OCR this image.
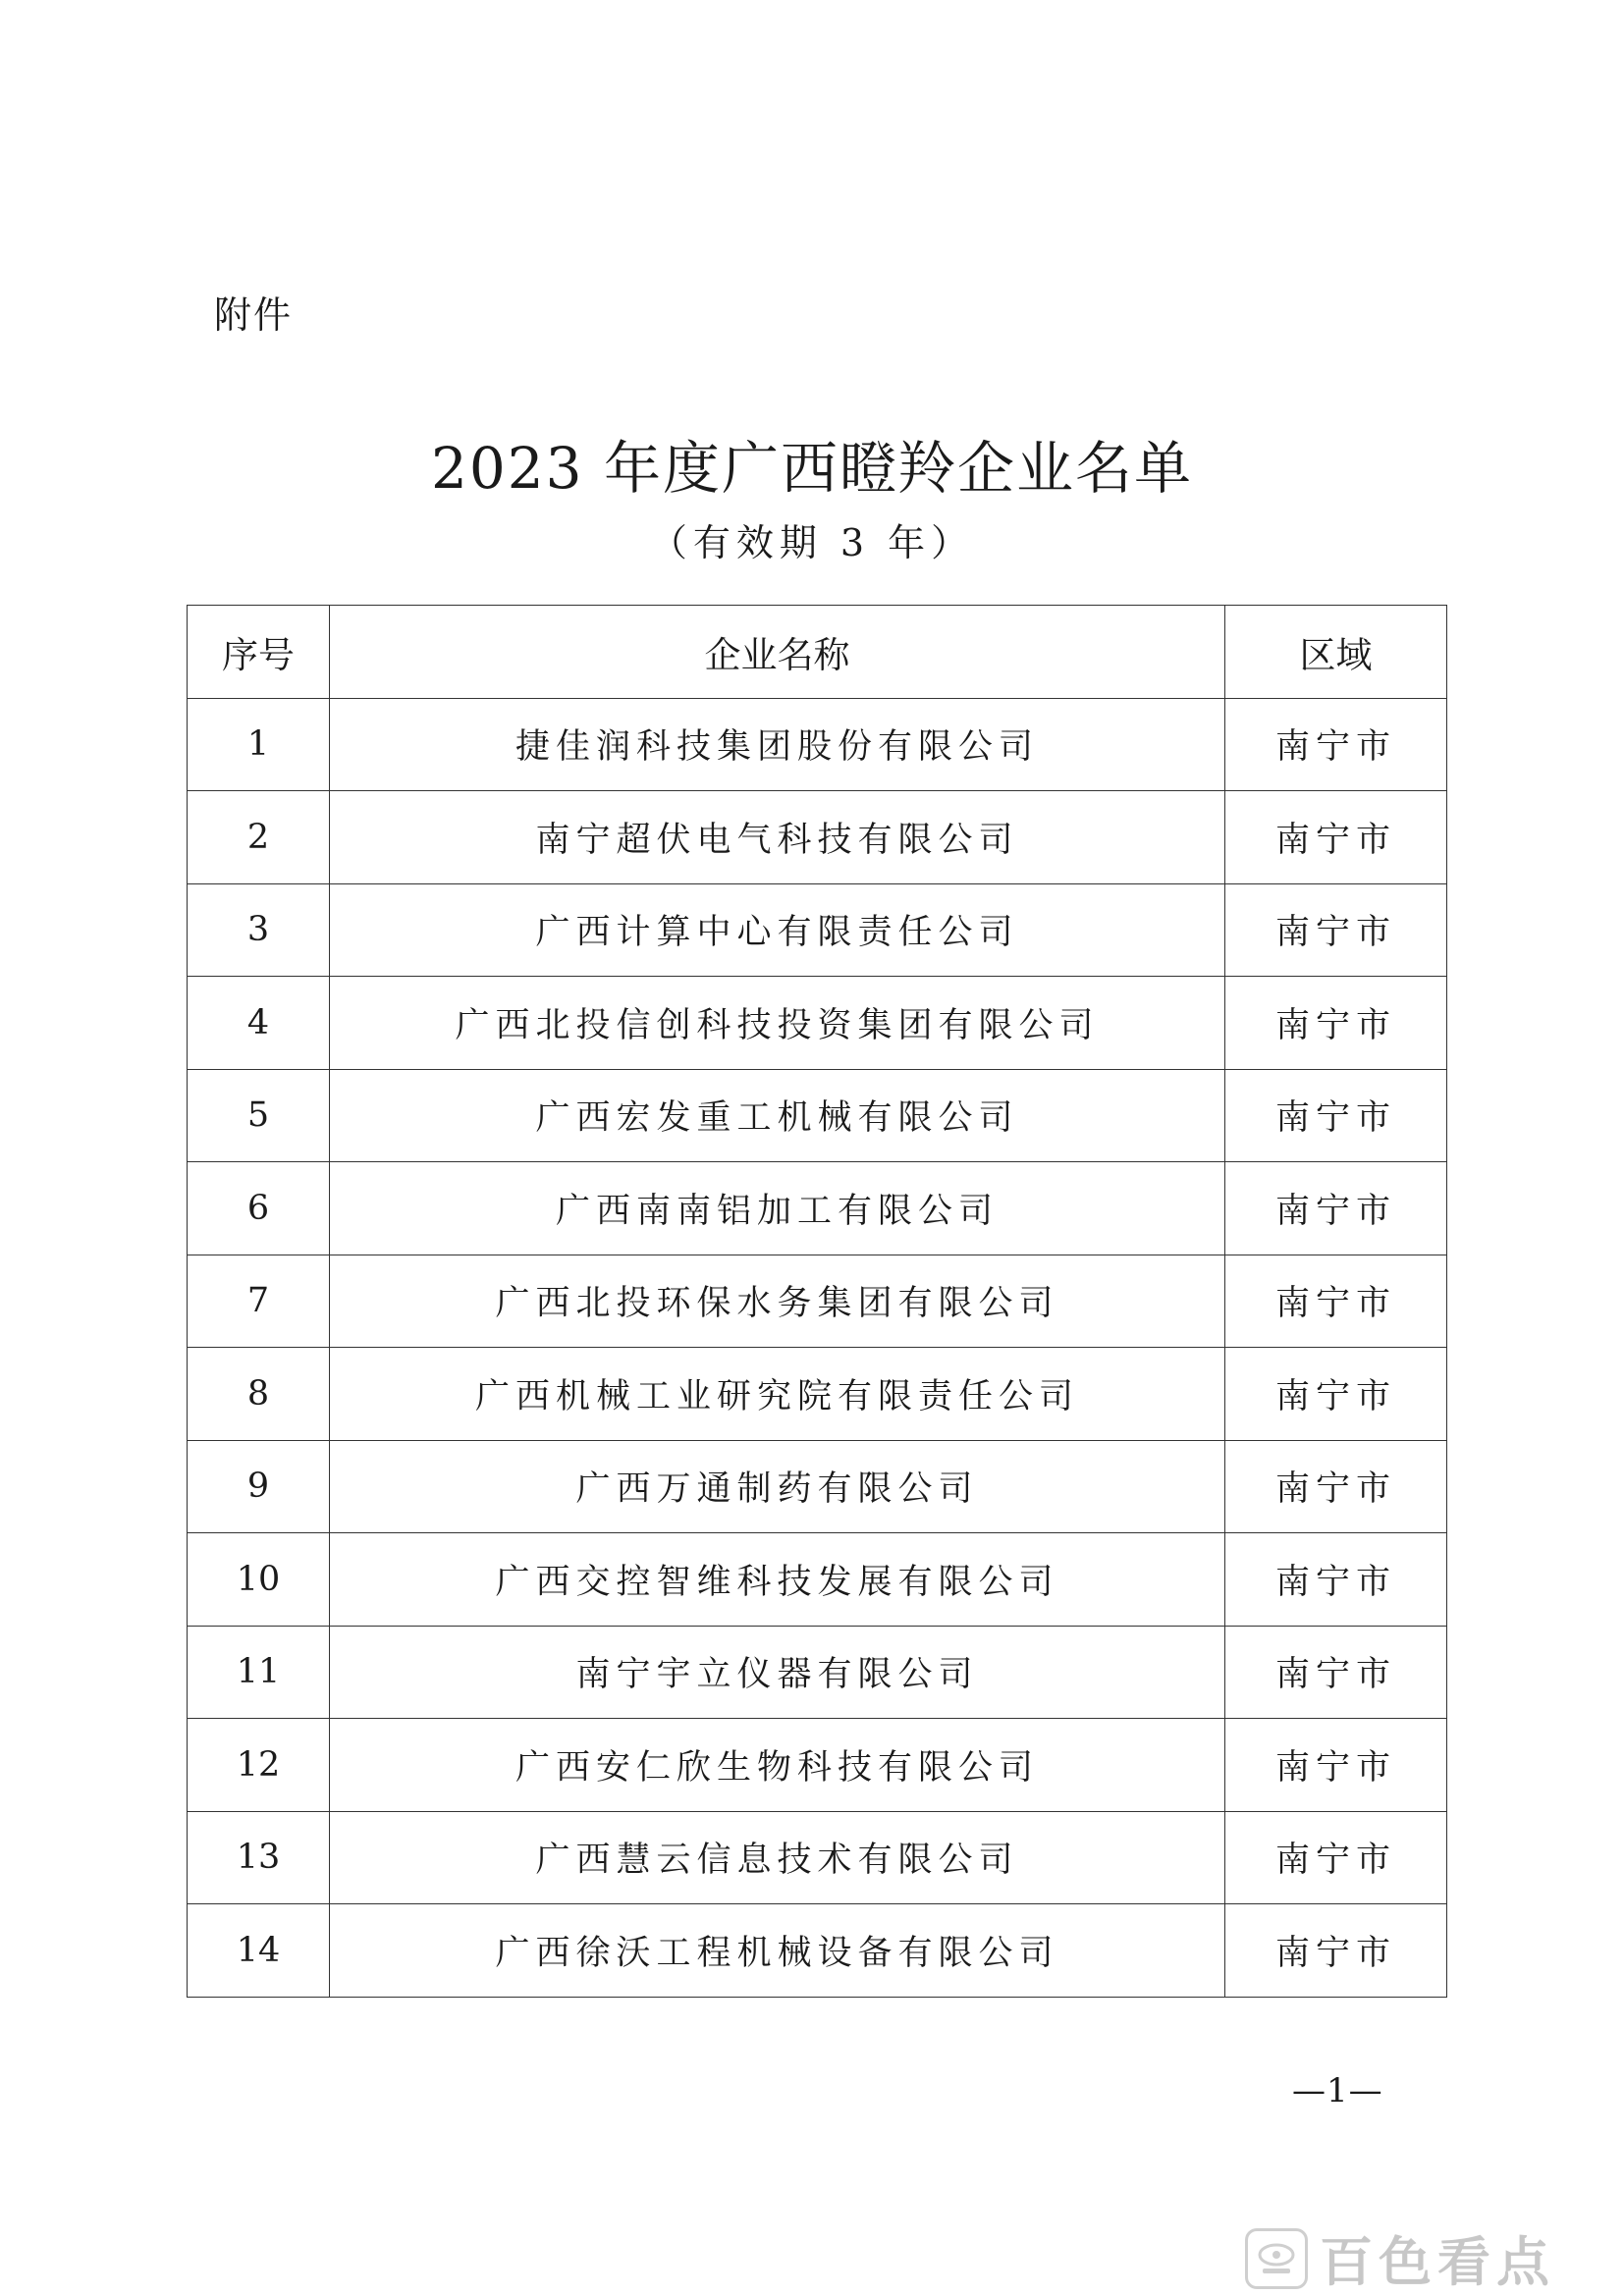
附件
2023 年度广西瞪羚企业名单
（有效期 3 年）
序号	企业名称	区域
1	捷佳润科技集团股份有限公司	南宁市
2	南宁超伏电气科技有限公司	南宁市
3	广西计算中心有限责任公司	南宁市
4	广西北投信创科技投资集团有限公司	南宁市
5	广西宏发重工机械有限公司	南宁市
6	广西南南铝加工有限公司	南宁市
7	广西北投环保水务集团有限公司	南宁市
8	广西机械工业研究院有限责任公司	南宁市
9	广西万通制药有限公司	南宁市
10	广西交控智维科技发展有限公司	南宁市
11	南宁宇立仪器有限公司	南宁市
12	广西安仁欣生物科技有限公司	南宁市
13	广西慧云信息技术有限公司	南宁市
14	广西徐沃工程机械设备有限公司	南宁市
—1—
百色看点
